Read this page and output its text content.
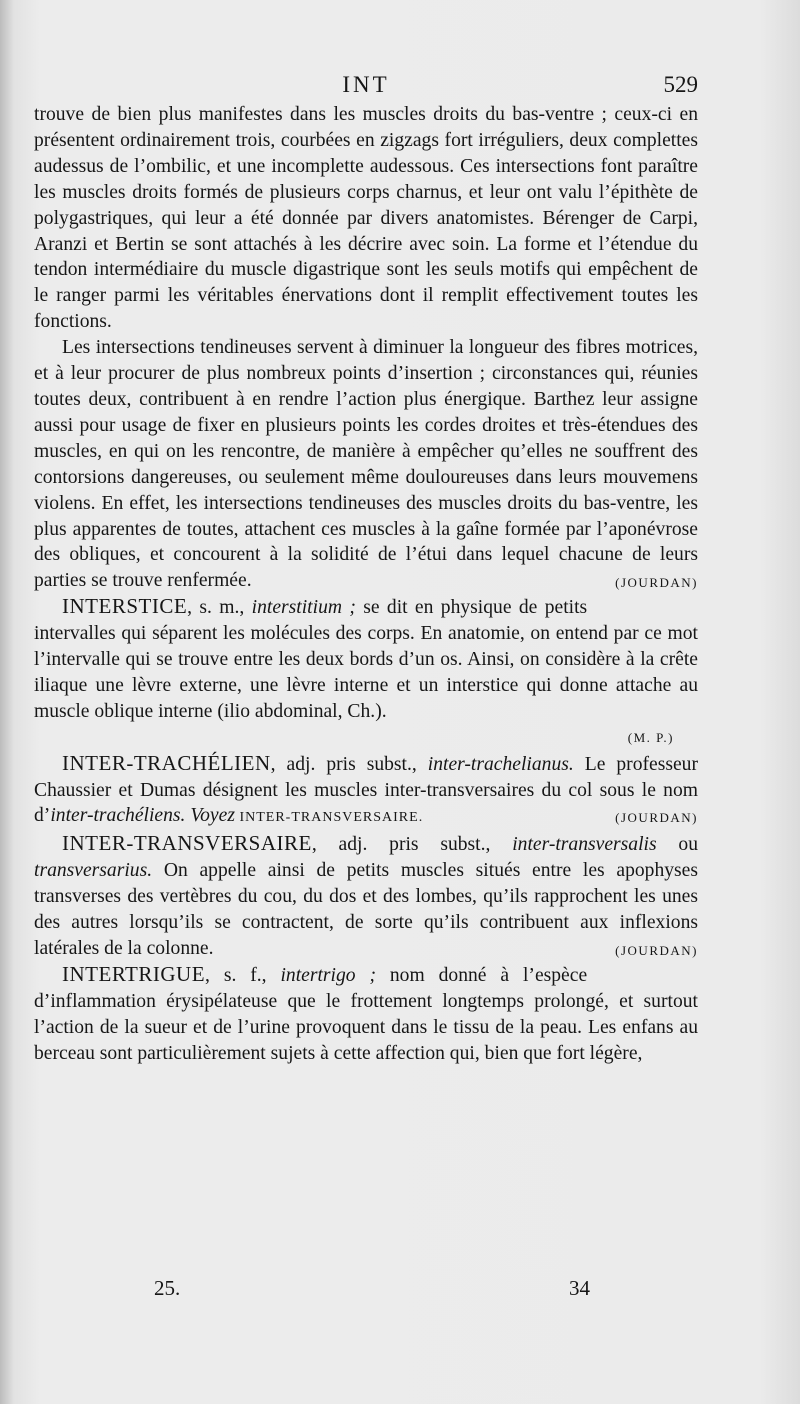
INT	529

trouve de bien plus manifestes dans les muscles droits du bas-ventre ; ceux-ci en présentent ordinairement trois, courbées en zigzags fort irréguliers, deux complettes audessus de l’ombilic, et une incomplette audessous. Ces intersections font paraître les muscles droits formés de plusieurs corps charnus, et leur ont valu l’épithète de polygastriques, qui leur a été donnée par divers anatomistes. Bérenger de Carpi, Aranzi et Bertin se sont attachés à les décrire avec soin. La forme et l’étendue du tendon intermédiaire du muscle digastrique sont les seuls motifs qui empêchent de le ranger parmi les véritables énervations dont il remplit effectivement toutes les fonctions.

Les intersections tendineuses servent à diminuer la longueur des fibres motrices, et à leur procurer de plus nombreux points d’insertion ; circonstances qui, réunies toutes deux, contribuent à en rendre l’action plus énergique. Barthez leur assigne aussi pour usage de fixer en plusieurs points les cordes droites et très-étendues des muscles, en qui on les rencontre, de manière à empêcher qu’elles ne souffrent des contorsions dangereuses, ou seulement même douloureuses dans leurs mouvemens violens. En effet, les intersections tendineuses des muscles droits du bas-ventre, les plus apparentes de toutes, attachent ces muscles à la gaîne formée par l’aponévrose des obliques, et concourent à la solidité de l’étui dans lequel chacune de leurs parties se trouve renfermée.	(JOURDAN)

INTERSTICE, s. m., interstitium ; se dit en physique de petits intervalles qui séparent les molécules des corps. En anatomie, on entend par ce mot l’intervalle qui se trouve entre les deux bords d’un os. Ainsi, on considère à la crête iliaque une lèvre externe, une lèvre interne et un interstice qui donne attache au muscle oblique interne (ilio abdominal, Ch.).

(M. P.)

INTER-TRACHÉLIEN, adj. pris subst., inter-trachelianus. Le professeur Chaussier et Dumas désignent les muscles inter-transversaires du col sous le nom d’inter-trachéliens. Voyez INTER-TRANSVERSAIRE.	(JOURDAN)

INTER-TRANSVERSAIRE, adj. pris subst., inter-transversalis ou transversarius. On appelle ainsi de petits muscles situés entre les apophyses transverses des vertèbres du cou, du dos et des lombes, qu’ils rapprochent les unes des autres lorsqu’ils se contractent, de sorte qu’ils contribuent aux inflexions latérales de la colonne.	(JOURDAN)

INTERTRIGUE, s. f., intertrigo ; nom donné à l’espèce d’inflammation érysipélateuse que le frottement longtemps prolongé, et surtout l’action de la sueur et de l’urine provoquent dans le tissu de la peau. Les enfans au berceau sont particulièrement sujets à cette affection qui, bien que fort légère,

25.	34
